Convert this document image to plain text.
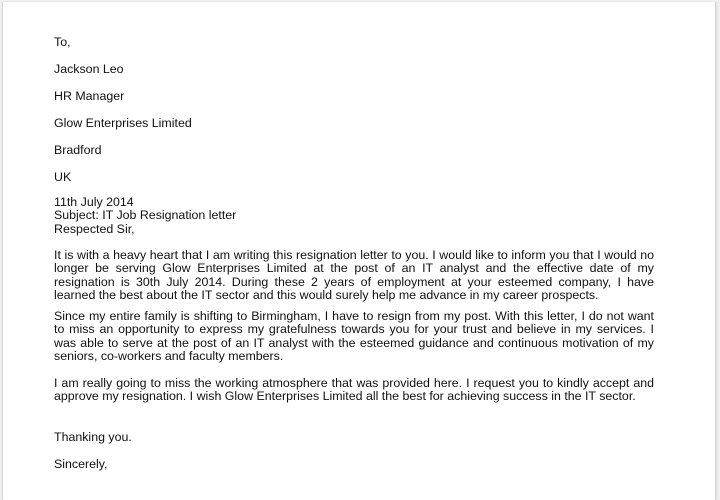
To,
Jackson Leo
HR Manager
Glow Enterprises Limited
Bradford
UK
11th July 2014
Subject: IT Job Resignation letter
Respected Sir,
It is with a heavy heart that I am writing this resignation letter to you. I would like to inform you that I would no longer be serving Glow Enterprises Limited at the post of an IT analyst and the effective date of my resignation is 30th July 2014. During these 2 years of employment at your esteemed company, I have learned the best about the IT sector and this would surely help me advance in my career prospects.
Since my entire family is shifting to Birmingham, I have to resign from my post. With this letter, I do not want to miss an opportunity to express my gratefulness towards you for your trust and believe in my services. I was able to serve at the post of an IT analyst with the esteemed guidance and continuous motivation of my seniors, co-workers and faculty members.
I am really going to miss the working atmosphere that was provided here. I request you to kindly accept and approve my resignation. I wish Glow Enterprises Limited all the best for achieving success in the IT sector.
Thanking you.
Sincerely,
